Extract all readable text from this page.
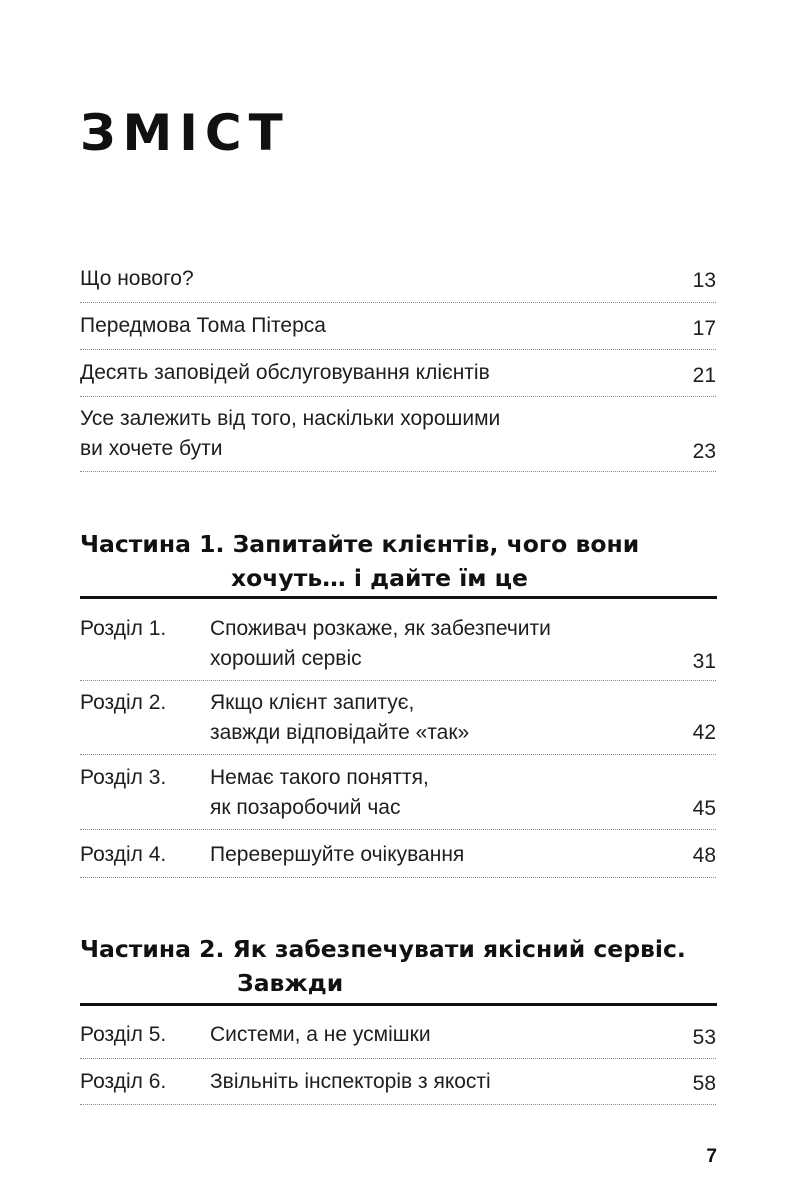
ЗМІСТ
Що нового?	13
Передмова Тома Пітерса	17
Десять заповідей обслуговування клієнтів	21
Усе залежить від того, наскільки хорошими
ви хочете бути	23
Частина 1. Запитайте клієнтів, чого вони
хочуть… і дайте їм це
Розділ 1. Споживач розкаже, як забезпечити
хороший сервіс	31
Розділ 2. Якщо клієнт запитує,
завжди відповідайте «так»	42
Розділ 3. Немає такого поняття,
як позаробочий час	45
Розділ 4. Перевершуйте очікування	48
Частина 2. Як забезпечувати якісний сервіс.
Завжди
Розділ 5. Системи, а не усмішки	53
Розділ 6. Звільніть інспекторів з якості	58
7
